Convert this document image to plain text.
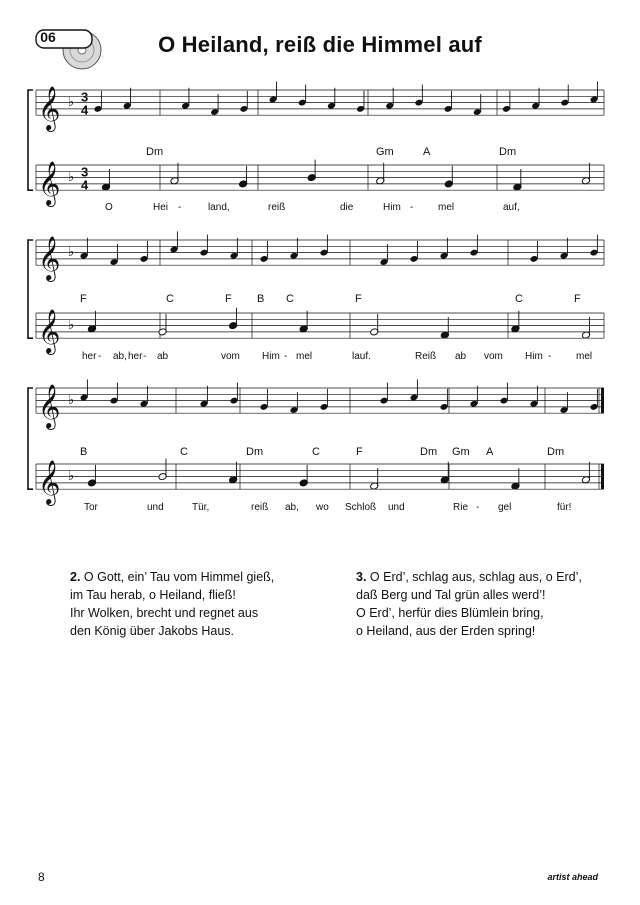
06	O Heiland, reiß die Himmel auf
𝄞 ♭ 3
4
𝄞 ♭ 3
4
𝄞 ♭
𝄞 ♭
𝄞 ♭
𝄞 ♭
Dm	Gm	A	Dm
F	C	F B C	F	C	F
B	C	Dm	C	F	Dm Gm A	Dm
O	Hei -	land,	reiß	die	Him - mel	auf,
her - ab, her - ab	vom Him - mel	lauf.	Reiß ab vom Him - mel
Tor	und	Tür,	reiß ab, wo Schloß und	Rie - gel	für!
2. O Gott, ein’ Tau vom Himmel gieß,
im Tau herab, o Heiland, fließ!
Ihr Wolken, brecht und regnet aus
den König über Jakobs Haus.
3. O Erd’, schlag aus, schlag aus, o Erd’,
daß Berg und Tal grün alles werd’!
O Erd’, herfür dies Blümlein bring,
o Heiland, aus der Erden spring!
8	artist ahead
